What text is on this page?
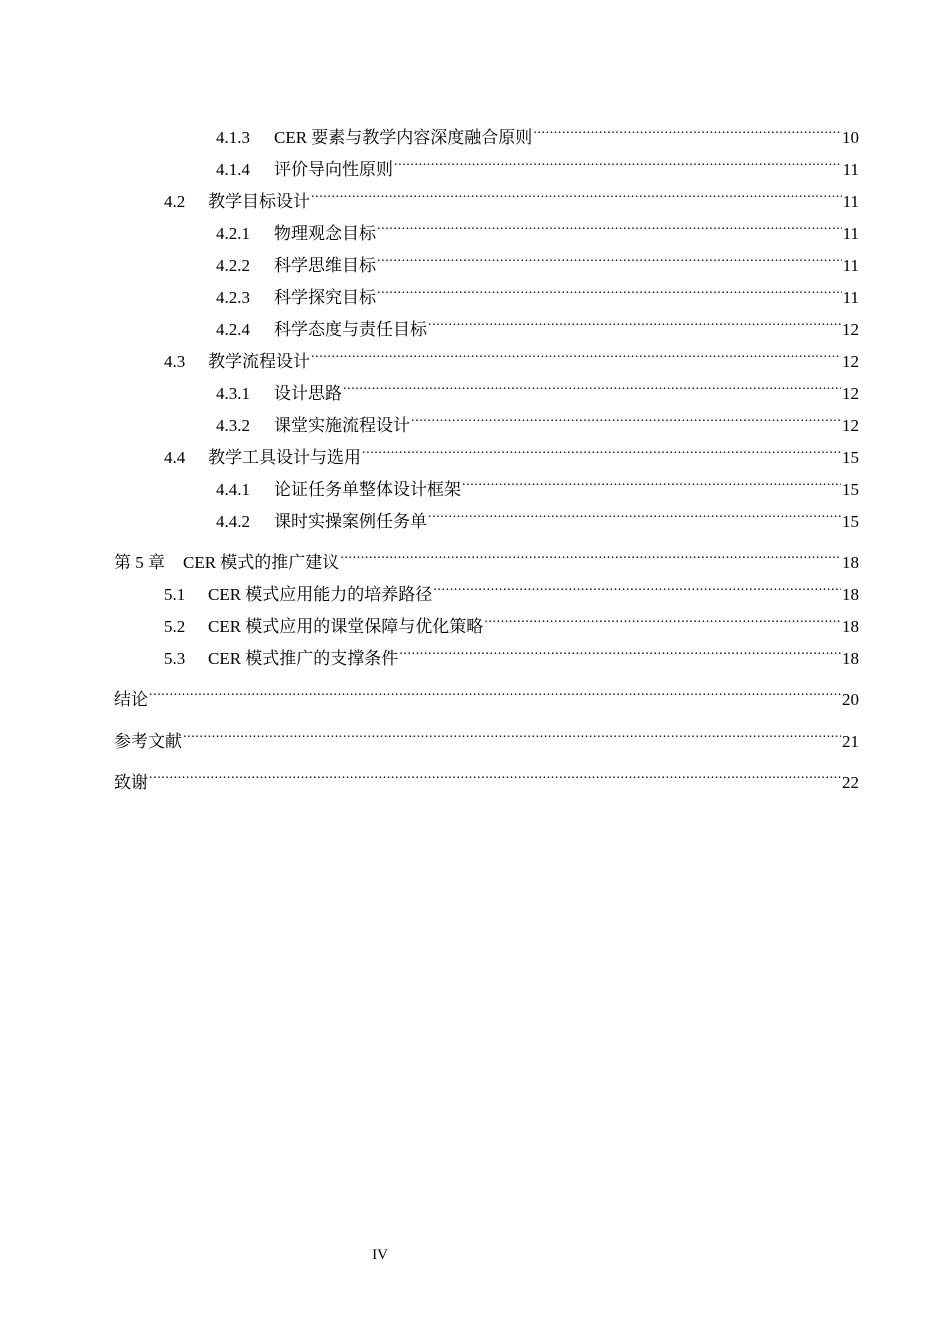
4.1.3	CER 要素与教学内容深度融合原则 .....	10
4.1.4	评价导向性原则 .....	11
4.2	教学目标设计 .....	11
4.2.1	物理观念目标 .....	11
4.2.2	科学思维目标 .....	11
4.2.3	科学探究目标 .....	11
4.2.4	科学态度与责任目标 .....	12
4.3	教学流程设计 .....	12
4.3.1	设计思路 .....	12
4.3.2	课堂实施流程设计 .....	12
4.4	教学工具设计与选用 .....	15
4.4.1	论证任务单整体设计框架 .....	15
4.4.2	课时实操案例任务单 .....	15
第 5 章 CER 模式的推广建议 .....	18
5.1	CER 模式应用能力的培养路径 .....	18
5.2	CER 模式应用的课堂保障与优化策略 .....	18
5.3	CER 模式推广的支撑条件 .....	18
结论 .....	20
参考文献 .....	21
致谢 .....	22
IV
